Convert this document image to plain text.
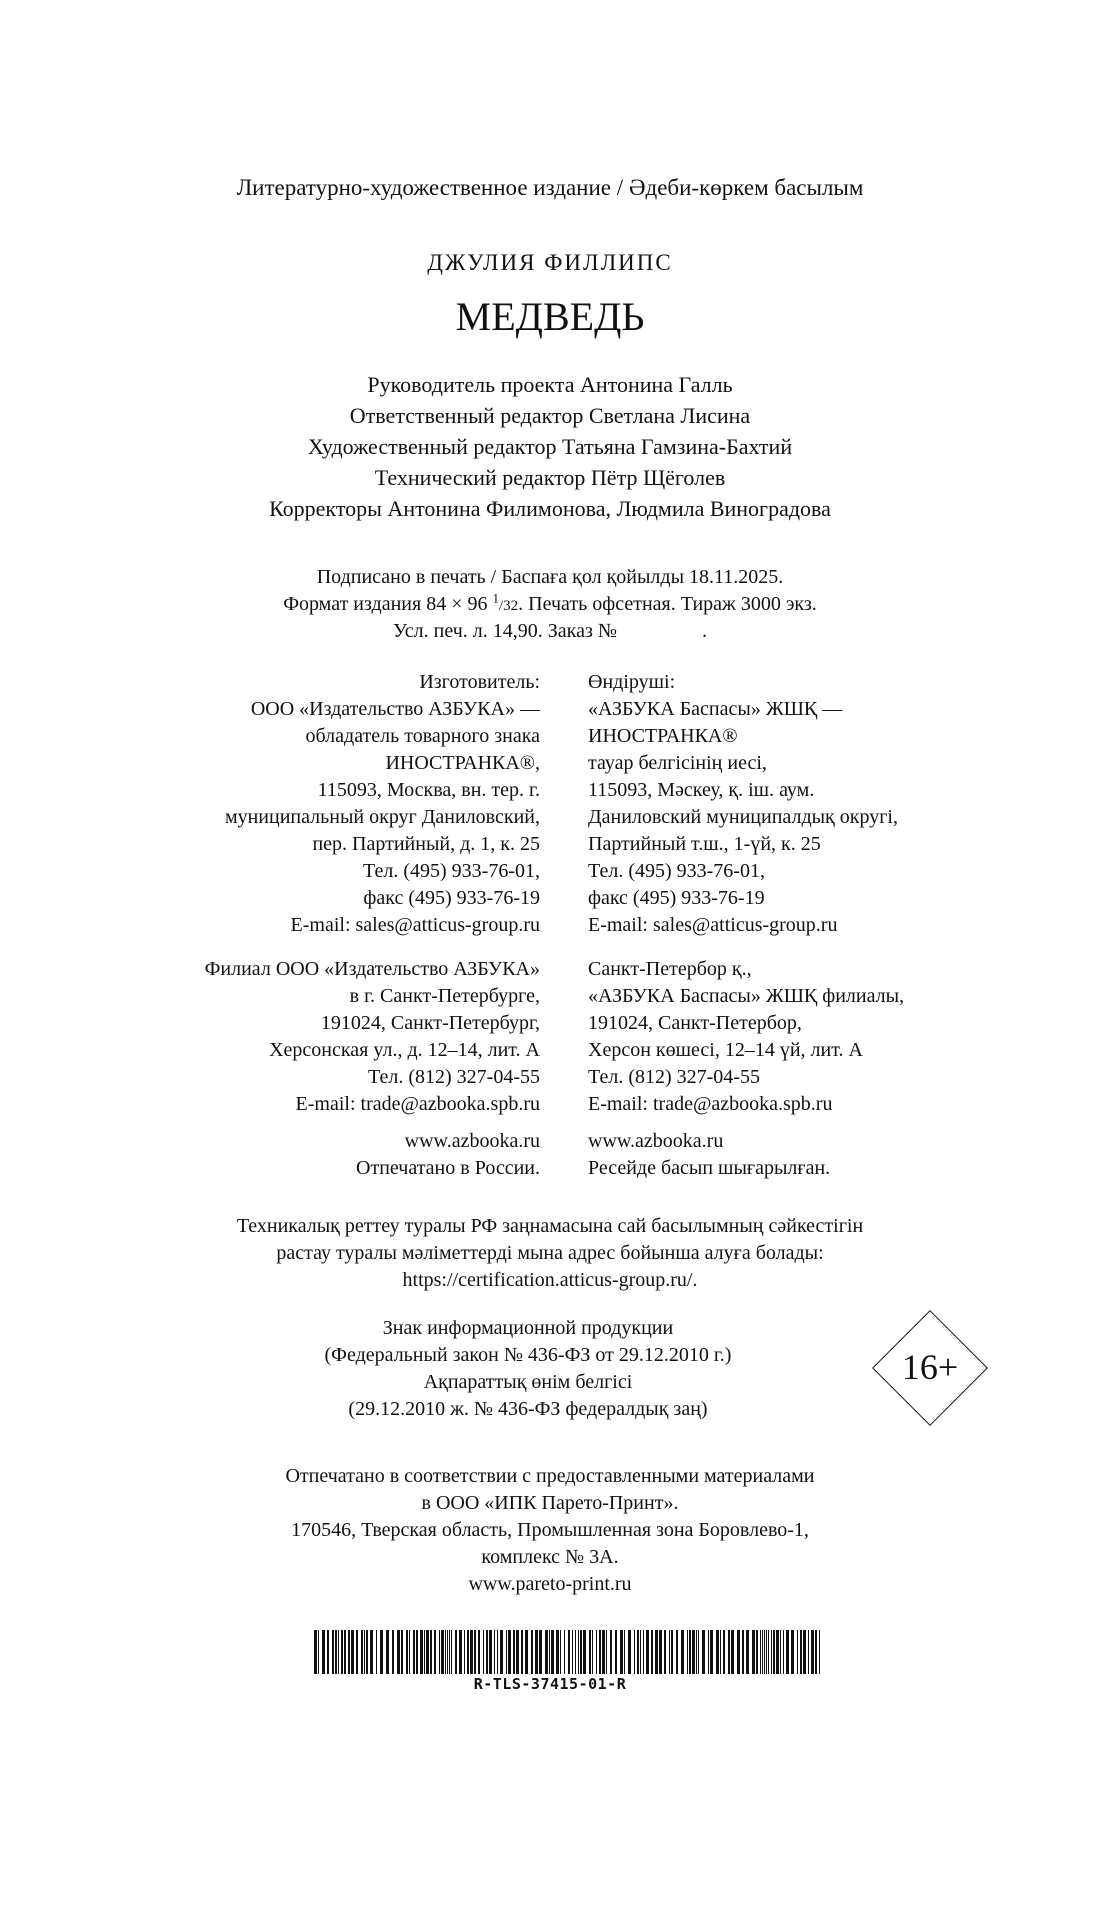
Литературно-художественное издание / Әдеби-көркем басылым
ДЖУЛИЯ ФИЛЛИПС
МЕДВЕДЬ
Руководитель проекта Антонина Галль
Ответственный редактор Светлана Лисина
Художественный редактор Татьяна Гамзина-Бахтий
Технический редактор Пётр Щёголев
Корректоры Антонина Филимонова, Людмила Виноградова
Подписано в печать / Баспаға қол қойылды 18.11.2025.
Формат издания 84 × 96 $^1$/32. Печать офсетная. Тираж 3000 экз.
Усл. печ. л. 14,90. Заказ №                 .
Изготовитель:
ООО «Издательство АЗБУКА» —
обладатель товарного знака
ИНОСТРАНКА®,
115093, Москва, вн. тер. г.
муниципальный округ Даниловский,
пер. Партийный, д. 1, к. 25
Тел. (495) 933-76-01,
факс (495) 933-76-19
E-mail: sales@atticus-group.ru
Өндіруші:
«АЗБУКА Баспасы» ЖШҚ —
ИНОСТРАНКА®
тауар белгісінің иесі,
115093, Мәскеу, қ. іш. аум.
Даниловский муниципалдық округі,
Партийный т.ш., 1-үй, к. 25
Тел. (495) 933-76-01,
факс (495) 933-76-19
E-mail: sales@atticus-group.ru
Филиал ООО «Издательство АЗБУКА»
в г. Санкт-Петербурге,
191024, Санкт-Петербург,
Херсонская ул., д. 12–14, лит. А
Тел. (812) 327-04-55
E-mail: trade@azbooka.spb.ru
Санкт-Петербор қ.,
«АЗБУКА Баспасы» ЖШҚ филиалы,
191024, Санкт-Петербор,
Херсон көшесі, 12–14 үй, лит. А
Тел. (812) 327-04-55
E-mail: trade@azbooka.spb.ru
www.azbooka.ru
Отпечатано в России.
www.azbooka.ru
Ресейде басып шығарылған.
Техникалық реттеу туралы РФ заңнамасына сай басылымның сәйкестігін
растау туралы мәліметтерді мына адрес бойынша алуға болады:
https://certification.atticus-group.ru/.
Знак информационной продукции
(Федеральный закон № 436-ФЗ от 29.12.2010 г.)
Ақпараттық өнім белгісі
(29.12.2010 ж. № 436-ФЗ федералдық заң)
16+
Отпечатано в соответствии с предоставленными материалами
в ООО «ИПК Парето-Принт».
170546, Тверская область, Промышленная зона Боровлево-1,
комплекс № 3А.
www.pareto-print.ru
R-TLS-37415-01-R
